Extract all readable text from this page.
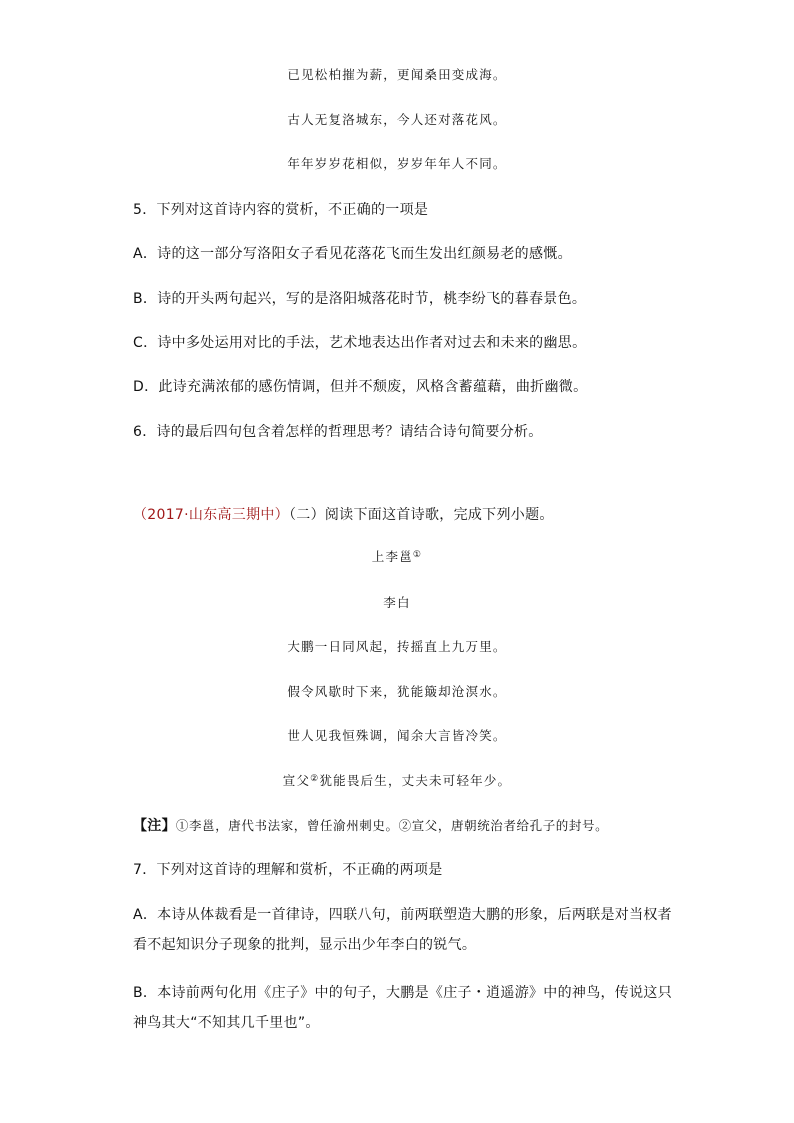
已见松柏摧为薪，更闻桑田变成海。
古人无复洛城东，今人还对落花风。
年年岁岁花相似，岁岁年年人不同。
5．下列对这首诗内容的赏析，不正确的一项是
A．诗的这一部分写洛阳女子看见花落花飞而生发出红颜易老的感慨。
B．诗的开头两句起兴，写的是洛阳城落花时节，桃李纷飞的暮春景色。
C．诗中多处运用对比的手法，艺术地表达出作者对过去和未来的幽思。
D．此诗充满浓郁的感伤情调，但并不颓废，风格含蓄蕴藉，曲折幽微。
6．诗的最后四句包含着怎样的哲理思考？请结合诗句简要分析。
（2017·山东高三期中）（二）阅读下面这首诗歌，完成下列小题。
上李邕①
李白
大鹏一日同风起，抟摇直上九万里。
假令风歇时下来，犹能簸却沧溟水。
世人见我恒殊调，闻余大言皆冷笑。
宣父②犹能畏后生，丈夫未可轻年少。
【注】①李邕，唐代书法家，曾任渝州刺史。②宣父，唐朝统治者给孔子的封号。
7．下列对这首诗的理解和赏析，不正确的两项是
A．本诗从体裁看是一首律诗，四联八句，前两联塑造大鹏的形象，后两联是对当权者看不起知识分子现象的批判，显示出少年李白的锐气。
B．本诗前两句化用《庄子》中的句子，大鹏是《庄子・逍遥游》中的神鸟，传说这只神鸟其大“不知其几千里也”。
